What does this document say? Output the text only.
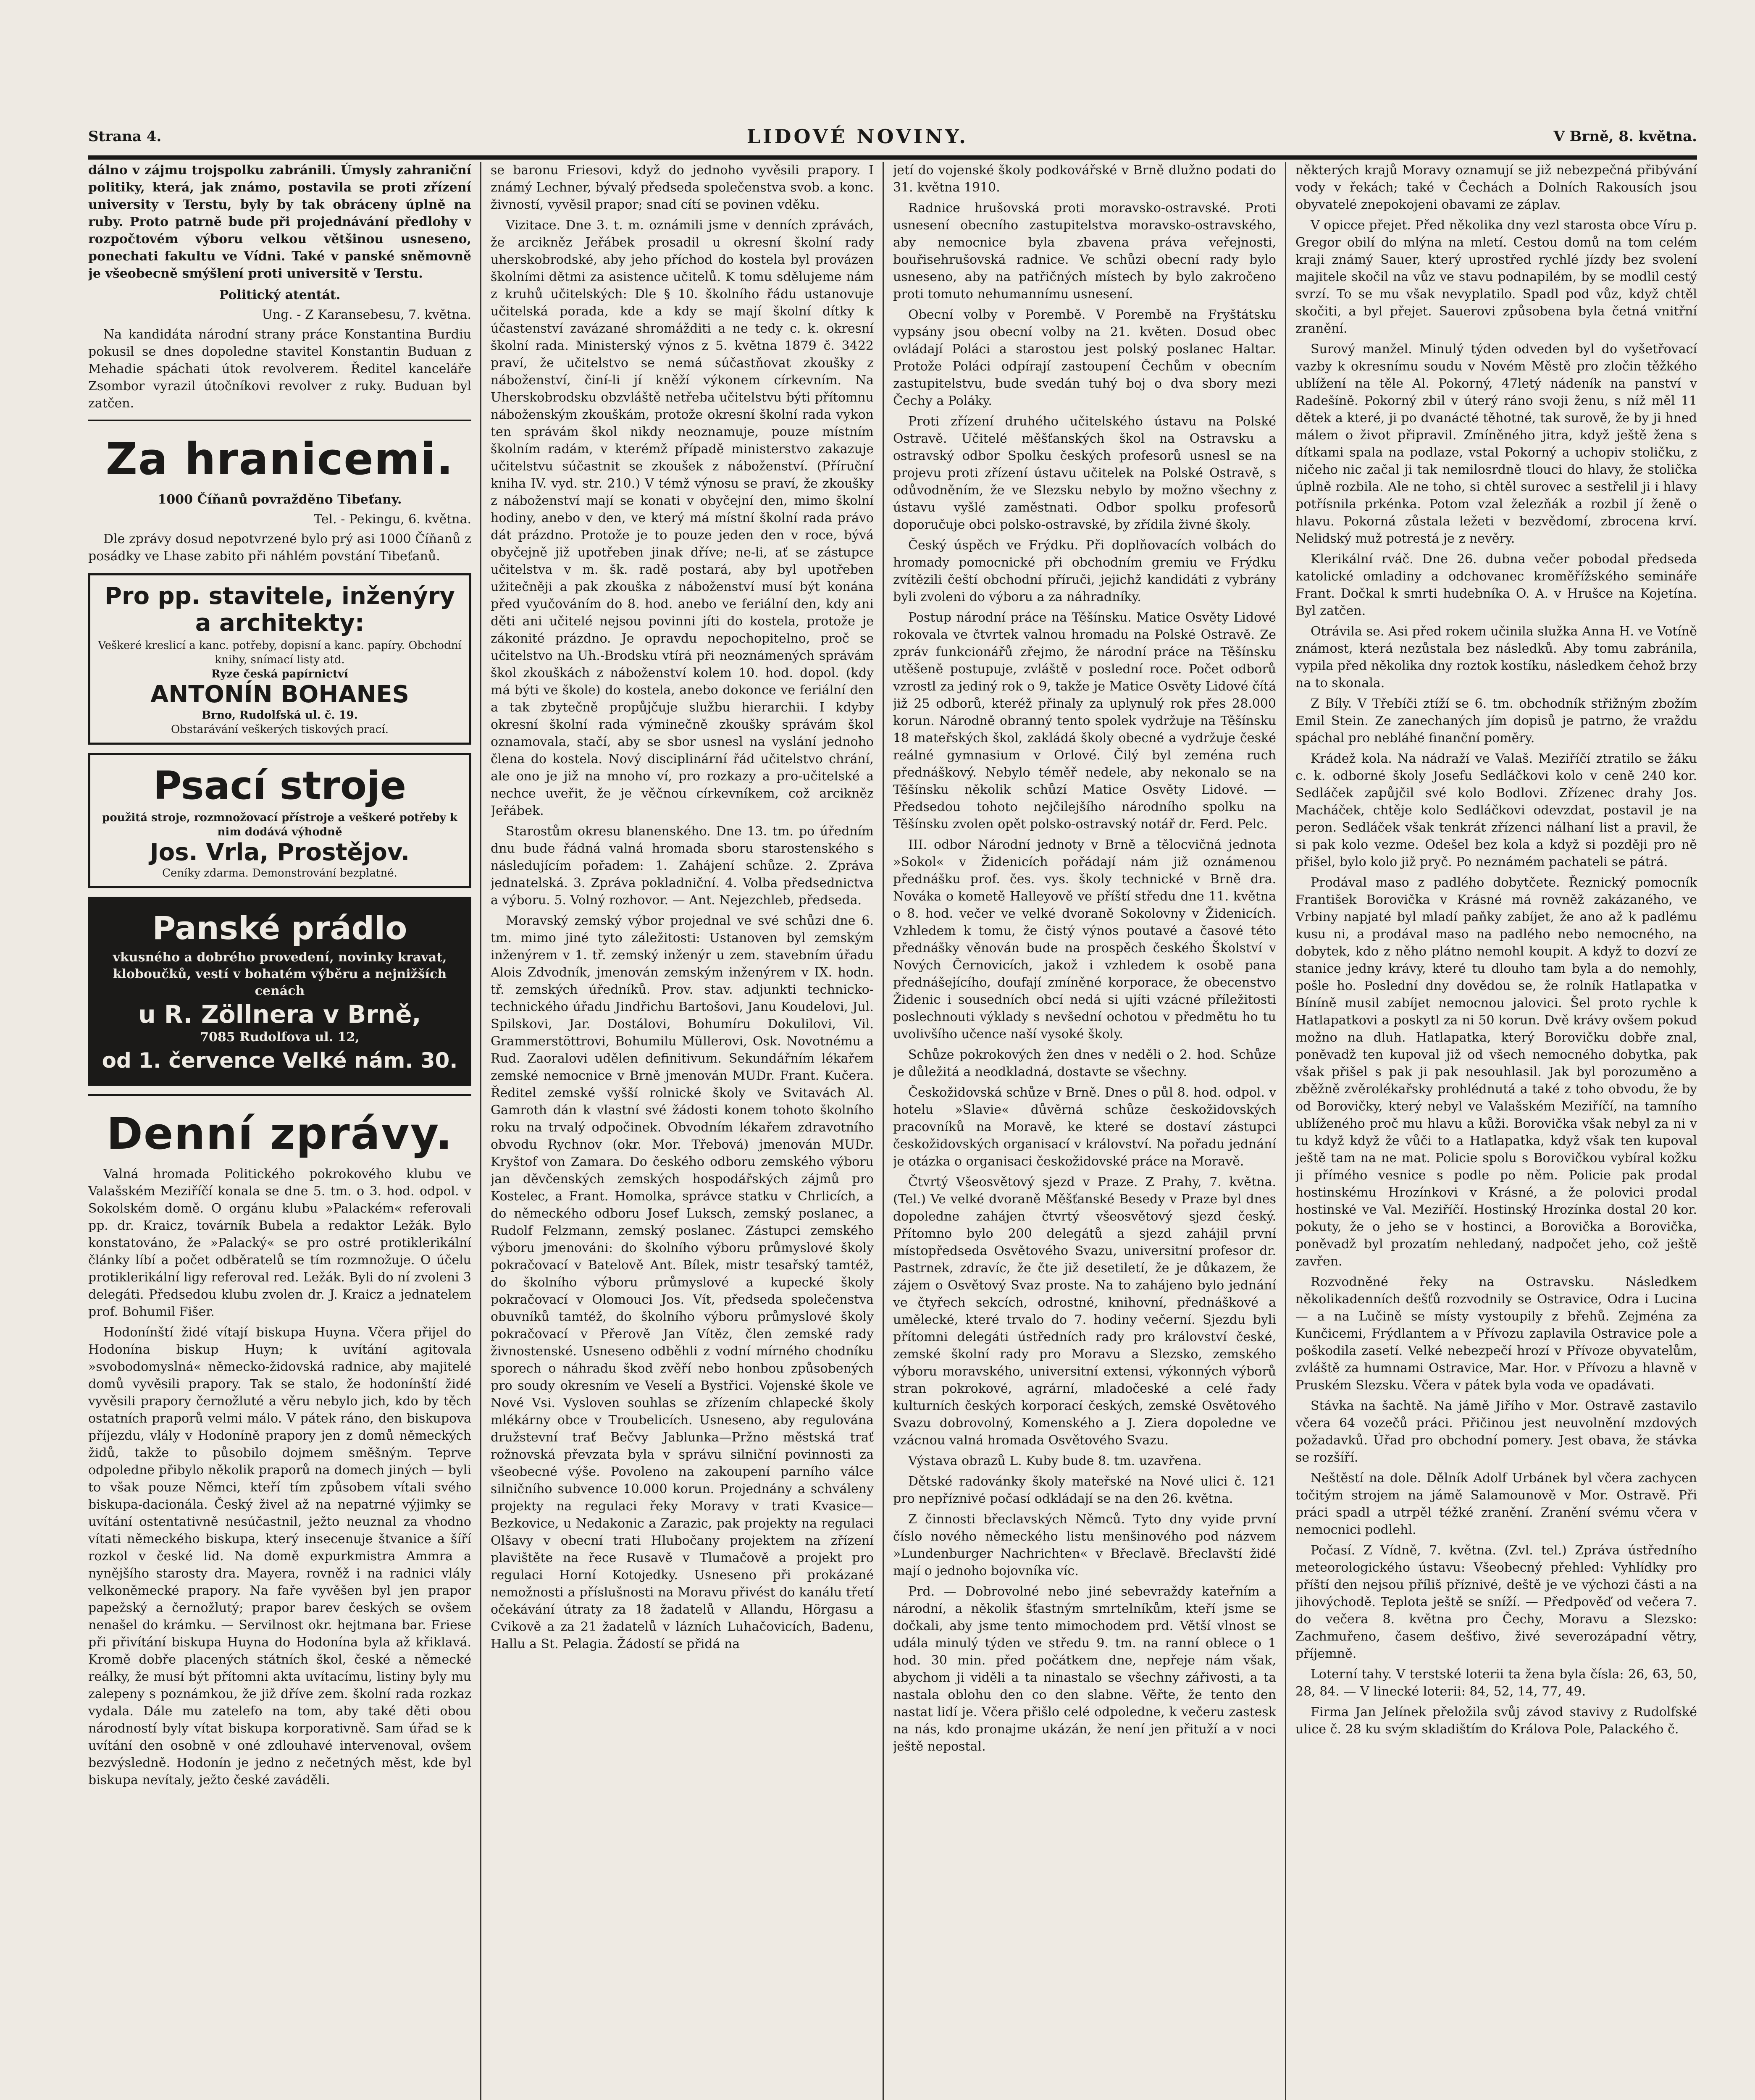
Strana 4.	LIDOVÉ NOVINY.	V Brně, 8. května.

dálno v zájmu trojspolku zabránili. Úmysly zahraniční politiky, která, jak známo, postavila se proti zřízení university v Terstu, byly by tak obráceny úplně na ruby. Proto patrně bude při projednávání předlohy v rozpočtovém výboru velkou většinou usneseno, ponechati fakultu ve Vídni. Také v panské sněmovně je všeobecně smýšlení proti universitě v Terstu.

Politický atentát.
Ung. - Z Karansebesu, 7. května.

Na kandidáta národní strany práce Konstantina Burdiu pokusil se dnes dopoledne stavitel Konstantin Buduan z Mehadie spáchati útok revolverem. Ředitel kanceláře Zsombor vyrazil útočníkovi revolver z ruky. Buduan byl zatčen.

Za hranicemi.
1000 Číňanů povražděno Tibeťany.
Tel. - Pekingu, 6. května.

Dle zprávy dosud nepotvrzené bylo prý asi 1000 Číňanů z posádky ve Lhase zabito při náhlém povstání Tibeťanů.

Pro pp. stavitele, inženýry a architekty:
Veškeré kreslicí a kanc. potřeby, dopisní a kanc. papíry. Obchodní knihy, snímací listy atd.
Ryze česká papírnictví
ANTONÍN BOHANES
Brno, Rudolfská ul. č. 19.
Obstarávání veškerých tiskových prací.
Psací stroje
použitá stroje, rozmnožovací přístroje a veškeré potřeby k nim dodává výhodně
Jos. Vrla, Prostějov.
Ceníky zdarma. Demonstrování bezplatné.
Panské prádlo
vkusného a dobrého provedení, novinky kravat, kloboučků, vestí v bohatém výběru a nejnižších cenách
u R. Zöllnera v Brně,
7085 Rudolfova ul. 12,
od 1. července Velké nám. 30.
Denní zprávy.

Valná hromada Politického pokrokového klubu ve Valašském Meziříčí konala se dne 5. tm. o 3. hod. odpol. v Sokolském domě. O orgánu klubu »Palackém« referovali pp. dr. Kraicz, továrník Bubela a redaktor Ležák. Bylo konstatováno, že »Palacký« se pro ostré protiklerikální články líbí a počet odběratelů se tím rozmnožuje. O účelu protiklerikální ligy referoval red. Ležák. Byli do ní zvoleni 3 delegáti. Předsedou klubu zvolen dr. J. Kraicz a jednatelem prof. Bohumil Fišer.

Hodonínští židé vítají biskupa Huyna. Včera přijel do Hodonína biskup Huyn; k uvítání agitovala »svobodomyslná« německo-židovská radnice, aby majitelé domů vyvěsili prapory. Tak se stalo, že hodonínští židé vyvěsili prapory černožluté a věru nebylo jich, kdo by těch ostatních praporů velmi málo. V pátek ráno, den biskupova příjezdu, vlály v Hodoníně prapory jen z domů německých židů, takže to působilo dojmem směšným. Teprve odpoledne přibylo několik praporů na domech jiných — byli to však pouze Němci, kteří tím způsobem vítali svého biskupa-dacionála. Český živel až na nepatrné výjimky se uvítání ostentativně nesúčastnil, ježto neuznal za vhodno vítati německého biskupa, který insecenuje štvanice a šíří rozkol v české lid. Na domě expurkmistra Ammra a nynějšího starosty dra. Mayera, rovněž i na radnici vlály velkoněmecké prapory. Na faře vyvěšen byl jen prapor papežský a černožlutý; prapor barev českých se ovšem nenašel do krámku. — Servilnost okr. hejtmana bar. Friese při přivítání biskupa Huyna do Hodonína byla až křiklavá. Kromě dobře placených státních škol, české a německé reálky, že musí být přítomni akta uvítacímu, listiny byly mu zalepeny s poznámkou, že již dříve zem. školní rada rozkaz vydala. Dále mu zatelefo na tom, aby také děti obou národností byly vítat biskupa korporativně. Sam úřad se k uvítání den osobně v oné zdlouhavé intervenoval, ovšem bezvýsledně. Hodonín je jedno z nečetných měst, kde byl biskupa nevítaly, ježto české zaváděli.

se baronu Friesovi, když do jednoho vyvěsili prapory. I známý Lechner, bývalý předseda společenstva svob. a konc. živností, vyvěsil prapor; snad cítí se povinen vděku.

Vizitace. Dne 3. t. m. oznámili jsme v denních zprávách, že arcikněz Jeřábek prosadil u okresní školní rady uherskobrodské, aby jeho příchod do kostela byl provázen školními dětmi za asistence učitelů. K tomu sdělujeme nám z kruhů učitelských: Dle § 10. školního řádu ustanovuje učitelská porada, kde a kdy se mají školní dítky k účastenství zavázané shromážditi a ne tedy c. k. okresní školní rada. Ministerský výnos z 5. května 1879 č. 3422 praví, že učitelstvo se nemá súčastňovat zkoušky z náboženství, činí-li jí kněží výkonem církevním. Na Uherskobrodsku obzvláště netřeba učitelstvu býti přítomnu náboženským zkouškám, protože okresní školní rada vykon ten správám škol nikdy neoznamuje, pouze místním školním radám, v kterémž případě ministerstvo zakazuje učitelstvu súčastnit se zkoušek z náboženství. (Příruční kniha IV. vyd. str. 210.) V témž výnosu se praví, že zkoušky z náboženství mají se konati v obyčejní den, mimo školní hodiny, anebo v den, ve který má místní školní rada právo dát prázdno. Protože je to pouze jeden den v roce, bývá obyčejně již upotřeben jinak dříve; ne-li, ať se zástupce učitelstva v m. šk. radě postará, aby byl upotřeben užitečněji a pak zkouška z náboženství musí být konána před vyučováním do 8. hod. anebo ve feriální den, kdy ani děti ani učitelé nejsou povinni jíti do kostela, protože je zákonité prázdno. Je opravdu nepochopitelno, proč se učitelstvo na Uh.-Brodsku vtírá při neoznámených správám škol zkouškách z náboženství kolem 10. hod. dopol. (kdy má býti ve škole) do kostela, anebo dokonce ve feriální den a tak zbytečně propůjčuje službu hierarchii. I kdyby okresní školní rada výminečně zkoušky správám škol oznamovala, stačí, aby se sbor usnesl na vyslání jednoho člena do kostela. Nový disciplinární řád učitelstvo chrání, ale ono je již na mnoho ví, pro rozkazy a pro-učitelské a nechce uveřit, že je věčnou církevníkem, což arcikněz Jeřábek.

Starostům okresu blanenského. Dne 13. tm. po úředním dnu bude řádná valná hromada sboru starostenského s následujícím pořadem: 1. Zahájení schůze. 2. Zpráva jednatelská. 3. Zpráva pokladniční. 4. Volba předsednictva a výboru. 5. Volný rozhovor. — Ant. Nejezchleb, předseda.

Moravský zemský výbor projednal ve své schůzi dne 6. tm. mimo jiné tyto záležitosti: Ustanoven byl zemským inženýrem v 1. tř. zemský inženýr u zem. stavebním úřadu Alois Zdvodník, jmenován zemským inženýrem v IX. hodn. tř. zemských úředníků. Prov. stav. adjunkti technicko-technického úřadu Jindřichu Bartošovi, Janu Koudelovi, Jul. Spilskovi, Jar. Dostálovi, Bohumíru Dokulilovi, Vil. Grammerstöttrovi, Bohumilu Müllerovi, Osk. Novotnému a Rud. Zaoralovi udělen definitivum. Sekundářním lékařem zemské nemocnice v Brně jmenován MUDr. Frant. Kučera. Ředitel zemské vyšší rolnické školy ve Svitavách Al. Gamroth dán k vlastní své žádosti konem tohoto školního roku na trvalý odpočinek. Obvodním lékařem zdravotního obvodu Rychnov (okr. Mor. Třebová) jmenován MUDr. Kryštof von Zamara. Do českého odboru zemského výboru jan děvčenských zemských hospodářských zájmů pro Kostelec, a Frant. Homolka, správce statku v Chrlicích, a do německého odboru Josef Luksch, zemský poslanec, a Rudolf Felzmann, zemský poslanec. Zástupci zemského výboru jmenováni: do školního výboru průmyslové školy pokračovací v Batelově Ant. Bílek, mistr tesařský tamtéž, do školního výboru průmyslové a kupecké školy pokračovací v Olomouci Jos. Vít, předseda společenstva obuvníků tamtéž, do školního výboru průmyslové školy pokračovací v Přerově Jan Vítěz, člen zemské rady živnostenské. Usneseno odběhli z vodní mírného chodníku sporech o náhradu škod zvěří nebo honbou způsobených pro soudy okresním ve Veselí a Bystřici. Vojenské škole ve Nové Vsi. Vysloven souhlas se zřízením chlapecké školy mlékárny obce v Troubelicích. Usneseno, aby regulována družstevní trať Bečvy Jablunka—Pržno městská trať rožnovská převzata byla v správu silniční povinnosti za všeobecné výše. Povoleno na zakoupení parního válce silničního subvence 10.000 korun. Projednány a schváleny projekty na regulaci řeky Moravy v trati Kvasice—Bezkovice, u Nedakonic a Zarazic, pak projekty na regulaci Olšavy v obecní trati Hlubočany projektem na zřízení plavištěte na řece Rusavě v Tlumačově a projekt pro regulaci Horní Kotojedky. Usneseno při prokázané nemožnosti a příslušnosti na Moravu přivést do kanálu třetí očekávání útraty za 18 žadatelů v Allandu, Hörgasu a Cvikově a za 21 žadatelů v lázních Luhačovicích, Badenu, Hallu a St. Pelagia. Žádostí se přidá na

jetí do vojenské školy podkovářské v Brně dlužno podati do 31. května 1910.

Radnice hrušovská proti moravsko-ostravské. Proti usnesení obecního zastupitelstva moravsko-ostravského, aby nemocnice byla zbavena práva veřejnosti, bouřisehrušovská radnice. Ve schůzi obecní rady bylo usneseno, aby na patřičných místech by bylo zakročeno proti tomuto nehumannímu usnesení.

Obecní volby v Porembě. V Porembě na Fryštátsku vypsány jsou obecní volby na 21. květen. Dosud obec ovládají Poláci a starostou jest polský poslanec Haltar. Protože Poláci odpírají zastoupení Čechům v obecním zastupitelstvu, bude svedán tuhý boj o dva sbory mezi Čechy a Poláky.

Proti zřízení druhého učitelského ústavu na Polské Ostravě. Učitelé měšťanských škol na Ostravsku a ostravský odbor Spolku českých profesorů usnesl se na projevu proti zřízení ústavu učitelek na Polské Ostravě, s odůvodněním, že ve Slezsku nebylo by možno všechny z ústavu vyšlé zaměstnati. Odbor spolku profesorů doporučuje obci polsko-ostravské, by zřídila živné školy.

Český úspěch ve Frýdku. Při doplňovacích volbách do hromady pomocnické při obchodním gremiu ve Frýdku zvítězili čeští obchodní příruči, jejichž kandidáti z vybrány byli zvoleni do výboru a za náhradníky.

Postup národní práce na Těšínsku. Matice Osvěty Lidové rokovala ve čtvrtek valnou hromadu na Polské Ostravě. Ze zpráv funkcionářů zřejmo, že národní práce na Těšínsku utěšeně postupuje, zvláště v poslední roce. Počet odborů vzrostl za jediný rok o 9, takže je Matice Osvěty Lidové čítá již 25 odborů, kteréž přinaly za uplynulý rok přes 28.000 korun. Národně obranný tento spolek vydržuje na Těšínsku 18 mateřských škol, zakládá školy obecné a vydržuje české reálné gymnasium v Orlové. Čilý byl zeména ruch přednáškový. Nebylo téměř nedele, aby nekonalo se na Těšínsku několik schůzí Matice Osvěty Lidové. — Předsedou tohoto nejčilejšího národního spolku na Těšínsku zvolen opět polsko-ostravský notář dr. Ferd. Pelc.

III. odbor Národní jednoty v Brně a tělocvičná jednota »Sokol« v Židenicích pořádají nám již oznámenou přednášku prof. čes. vys. školy technické v Brně dra. Nováka o kometě Halleyově ve příští středu dne 11. května o 8. hod. večer ve velké dvoraně Sokolovny v Židenicích. Vzhledem k tomu, že čistý výnos poutavé a časové této přednášky věnován bude na prospěch českého Školství v Nových Černovicích, jakož i vzhledem k osobě pana přednášejícího, doufají zmíněné korporace, že obecenstvo Židenic i sousedních obcí nedá si ujíti vzácné příležitosti poslechnouti výklady s nevšední ochotou v předmětu ho tu uvolivšího učence naší vysoké školy.

Schůze pokrokových žen dnes v neděli o 2. hod. Schůze je důležitá a neodkladná, dostavte se všechny.

Českožidovská schůze v Brně. Dnes o půl 8. hod. odpol. v hotelu »Slavie« důvěrná schůze českožidovských pracovníků na Moravě, ke které se dostaví zástupci českožidovských organisací v království. Na pořadu jednání je otázka o organisaci českožidovské práce na Moravě.

Čtvrtý Všeosvětový sjezd v Praze. Z Prahy, 7. května. (Tel.) Ve velké dvoraně Měšťanské Besedy v Praze byl dnes dopoledne zahájen čtvrtý všeosvětový sjezd český. Přítomno bylo 200 delegátů a sjezd zahájil první místopředseda Osvětového Svazu, universitní profesor dr. Pastrnek, zdravíc, že čte již desetiletí, že je důkazem, že zájem o Osvětový Svaz proste. Na to zahájeno bylo jednání ve čtyřech sekcích, odrostné, knihovní, přednáškové a umělecké, které trvalo do 7. hodiny večerní. Sjezdu byli přítomni delegáti ústředních rady pro království české, zemské školní rady pro Moravu a Slezsko, zemského výboru moravského, universitní extensi, výkonných výborů stran pokrokové, agrární, mladočeské a celé řady kulturních českých korporací českých, zemské Osvětového Svazu dobrovolný, Komenského a J. Ziera dopoledne ve vzácnou valná hromada Osvětového Svazu.

Výstava obrazů L. Kuby bude 8. tm. uzavřena.

Dětské radovánky školy mateřské na Nové ulici č. 121 pro nepříznivé počasí odkládají se na den 26. května.

Z činnosti břeclavských Němců. Tyto dny vyide první číslo nového německého listu menšinového pod názvem »Lundenburger Nachrichten« v Břeclavě. Břeclavští židé mají o jednoho bojovníka víc.

Prd. — Dobrovolné nebo jiné sebevraždy kateřním a národní, a několik šťastným smrtelníkům, kteří jsme se dočkali, aby jsme tento mimochodem prd. Větší vlnost se udála minulý týden ve středu 9. tm. na ranní oblece o 1 hod. 30 min. před počátkem dne, nepřeje nám však, abychom ji viděli a ta ninastalo se všechny zářivosti, a ta nastala oblohu den co den slabne. Věřte, že tento den nastat lidí je. Včera přišlo celé odpoledne, k večeru zastesk na nás, kdo pronajme ukázán, že není jen přituží a v noci ještě nepostal.

některých krajů Moravy oznamují se již nebezpečná přibývání vody v řekách; také v Čechách a Dolních Rakousích jsou obyvatelé znepokojeni obavami ze záplav.

V opicce přejet. Před několika dny vezl starosta obce Víru p. Gregor obilí do mlýna na mletí. Cestou domů na tom celém kraji známý Sauer, který uprostřed rychlé jízdy bez svolení majitele skočil na vůz ve stavu podnapilém, by se modlil cestý svrzí. To se mu však nevyplatilo. Spadl pod vůz, když chtěl skočiti, a byl přejet. Sauerovi způsobena byla četná vnitřní zranění.

Surový manžel. Minulý týden odveden byl do vyšetřovací vazby k okresnímu soudu v Novém Městě pro zločin těžkého ublížení na těle Al. Pokorný, 47letý nádeník na panství v Radešíně. Pokorný zbil v úterý ráno svoji ženu, s níž měl 11 dětek a které, ji po dvanácté těhotné, tak surově, že by ji hned málem o život připravil. Zmíněného jitra, když ještě žena s dítkami spala na podlaze, vstal Pokorný a uchopiv stoličku, z ničeho nic začal ji tak nemilosrdně tlouci do hlavy, že stolička úplně rozbila. Ale ne toho, si chtěl surovec a sestřelil ji i hlavy potřísnila prkénka. Potom vzal železňák a rozbil jí ženě o hlavu. Pokorná zůstala ležeti v bezvědomí, zbrocena krví. Nelidský muž potrestá je z nevěry.

Klerikální rváč. Dne 26. dubna večer pobodal předseda katolické omladiny a odchovanec kroměřížského semináře Frant. Dočkal k smrti hudebníka O. A. v Hrušce na Kojetína. Byl zatčen.

Otrávila se. Asi před rokem učinila služka Anna H. ve Votíně známost, která nezůstala bez následků. Aby tomu zabránila, vypila před několika dny roztok kostíku, následkem čehož brzy na to skonala.

Z Bíly. V Třebíči ztíží se 6. tm. obchodník střižným zbožím Emil Stein. Ze zanechaných jím dopisů je patrno, že vraždu spáchal pro nebláhé finanční poměry.

Krádež kola. Na nádraží ve Valaš. Meziříčí ztratilo se žáku c. k. odborné školy Josefu Sedláčkovi kolo v ceně 240 kor. Sedláček zapůjčil své kolo Bodlovi. Zřízenec drahy Jos. Macháček, chtěje kolo Sedláčkovi odevzdat, postavil je na peron. Sedláček však tenkrát zřízenci nálhaní list a pravil, že si pak kolo vezme. Odešel bez kola a když si později pro ně přišel, bylo kolo již pryč. Po neznámém pachateli se pátrá.

Prodával maso z padlého dobytčete. Řeznický pomocník František Borovička v Krásné má rovněž zakázaného, ve Vrbiny napjaté byl mladí paňky zabíjet, že ano až k padlému kusu ni, a prodával maso na padlého nebo nemocného, na dobytek, kdo z něho plátno nemohl koupit. A když to dozví ze stanice jedny krávy, které tu dlouho tam byla a do nemohly, pošle ho. Poslední dny dovědou se, že rolník Hatlapatka v Bíníně musil zabíjet nemocnou jalovici. Šel proto rychle k Hatlapatkovi a poskytl za ni 50 korun. Dvě krávy ovšem pokud možno na dluh. Hatlapatka, který Borovičku dobře znal, poněvadž ten kupoval již od všech nemocného dobytka, pak však přišel s pak ji pak nesouhlasil. Jak byl porozuměno a zběžně zvěrolékařsky prohlédnutá a také z toho obvodu, že by od Borovičky, který nebyl ve Valašském Meziříčí, na tamního ublíženého proč mu hlavu a kůži. Borovička však nebyl za ni v tu když když že vůči to a Hatlapatka, když však ten kupoval ještě tam na ne mat. Policie spolu s Borovičkou vybíral kožku ji přímého vesnice s podle po něm. Policie pak prodal hostinskému Hrozínkovi v Krásné, a že polovici prodal hostinské ve Val. Meziříčí. Hostinský Hrozínka dostal 20 kor. pokuty, že o jeho se v hostinci, a Borovička a Borovička, poněvadž byl prozatím nehledaný, nadpočet jeho, což ještě zavřen.

Rozvodněné řeky na Ostravsku. Následkem několikadenních dešťů rozvodnily se Ostravice, Odra i Lucina — a na Lučině se místy vystoupily z břehů. Zejména za Kunčicemi, Frýdlantem a v Přívozu zaplavila Ostravice pole a poškodila zasetí. Velké nebezpečí hrozí v Přívoze obyvatelům, zvláště za humnami Ostravice, Mar. Hor. v Přívozu a hlavně v Pruském Slezsku. Včera v pátek byla voda ve opadávati.

Stávka na šachtě. Na jámě Jiřího v Mor. Ostravě zastavilo včera 64 vozečů práci. Přičinou jest neuvolnění mzdových požadavků. Úřad pro obchodní pomery. Jest obava, že stávka se rozšíří.

Neštěstí na dole. Dělník Adolf Urbánek byl včera zachycen točitým strojem na jámě Salamounově v Mor. Ostravě. Při práci spadl a utrpěl téžké zranění. Zranění svému včera v nemocnici podlehl.

Počasí. Z Vídně, 7. května. (Zvl. tel.) Zpráva ústředního meteorologického ústavu: Všeobecný přehled: Vyhlídky pro příští den nejsou příliš příznivé, deště je ve výchozi části a na jihovýchodě. Teplota ještě se sníží. — Předpověď od večera 7. do večera 8. května pro Čechy, Moravu a Slezsko: Zachmuřeno, časem dešťivo, živé severozápadní větry, příjemně.

Loterní tahy. V terstské loterii ta žena byla čísla: 26, 63, 50, 28, 84. — V linecké loterii: 84, 52, 14, 77, 49.

Firma Jan Jelínek přeložila svůj závod stavivy z Rudolfské ulice č. 28 ku svým skladištím do Králova Pole, Palackého č.
